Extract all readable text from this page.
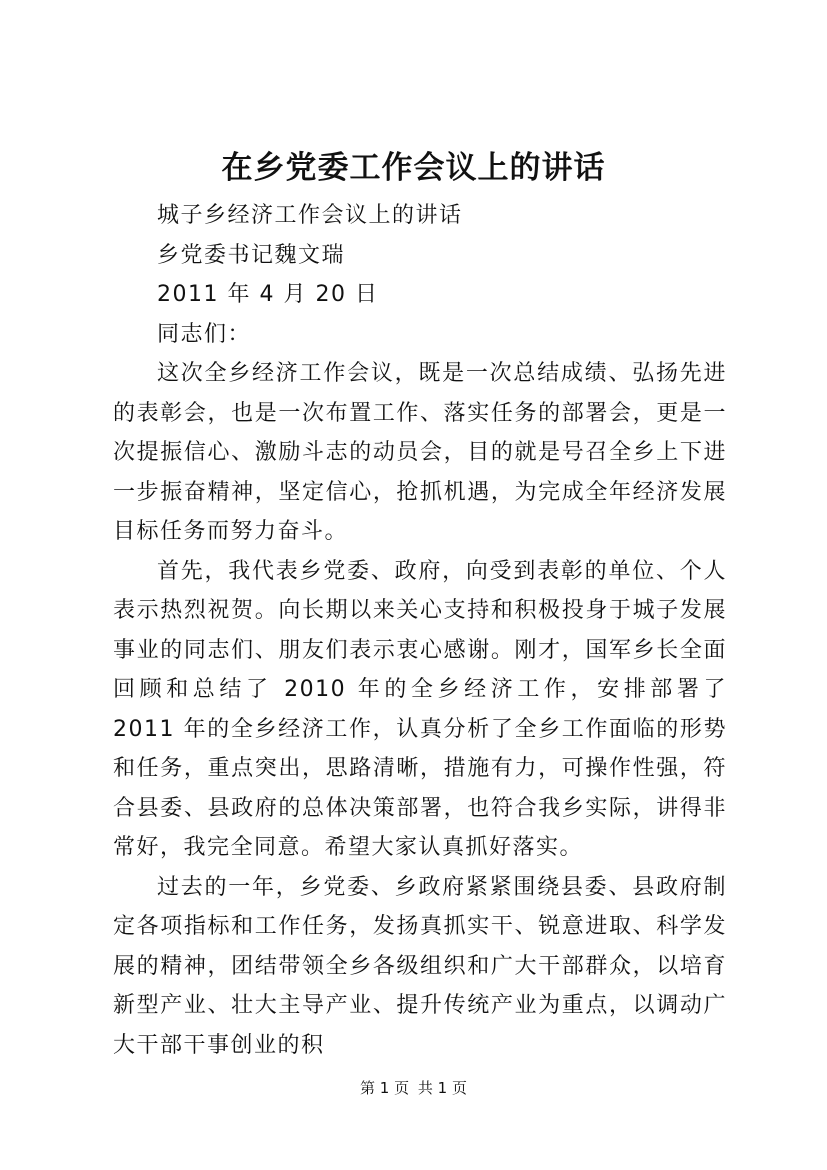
在乡党委工作会议上的讲话

城子乡经济工作会议上的讲话

乡党委书记魏文瑞

2011 年 4 月 20 日

同志们：

这次全乡经济工作会议，既是一次总结成绩、弘扬先进的表彰会，也是一次布置工作、落实任务的部署会，更是一次提振信心、激励斗志的动员会，目的就是号召全乡上下进一步振奋精神，坚定信心，抢抓机遇，为完成全年经济发展目标任务而努力奋斗。

首先，我代表乡党委、政府，向受到表彰的单位、个人表示热烈祝贺。向长期以来关心支持和积极投身于城子发展事业的同志们、朋友们表示衷心感谢。刚才，国军乡长全面回顾和总结了 2010 年的全乡经济工作，安排部署了 2011 年的全乡经济工作，认真分析了全乡工作面临的形势和任务，重点突出，思路清晰，措施有力，可操作性强，符合县委、县政府的总体决策部署，也符合我乡实际，讲得非常好，我完全同意。希望大家认真抓好落实。

过去的一年，乡党委、乡政府紧紧围绕县委、县政府制定各项指标和工作任务，发扬真抓实干、锐意进取、科学发展的精神，团结带领全乡各级组织和广大干部群众，以培育新型产业、壮大主导产业、提升传统产业为重点，以调动广大干部干事创业的积

第 1 页 共 1 页
